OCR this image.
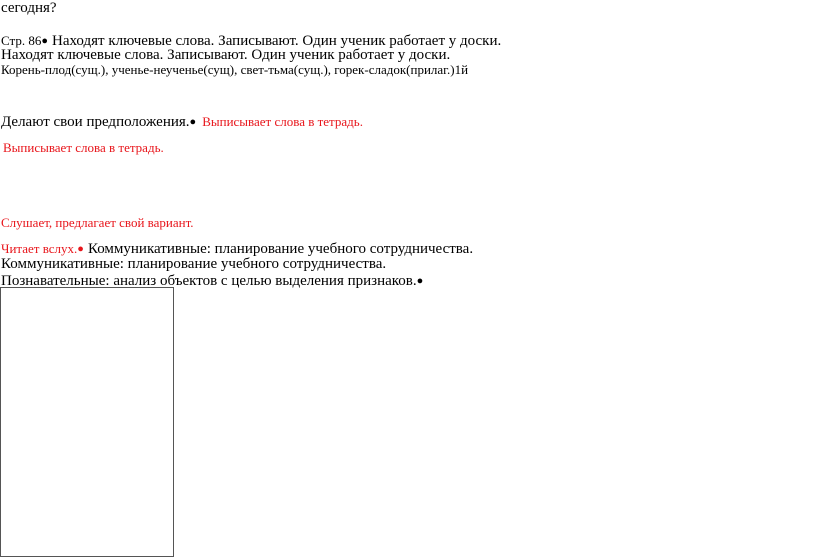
сегодня?
Стр. 86● Находят ключевые слова. Записывают. Один ученик работает у доски.
Находят ключевые слова. Записывают. Один ученик работает у доски.
Корень-плод(сущ.), ученье-неученье(сущ), свет-тьма(сущ.), горек-сладок(прилаг.)1й
Делают свои предположения.● Выписывает слова в тетрадь.
Выписывает слова в тетрадь.
Слушает, предлагает свой вариант.
Читает вслух.● Коммуникативные: планирование учебного сотрудничества.
Коммуникативные: планирование учебного сотрудничества.
Познавательные: анализ объектов с целью выделения признаков.●
